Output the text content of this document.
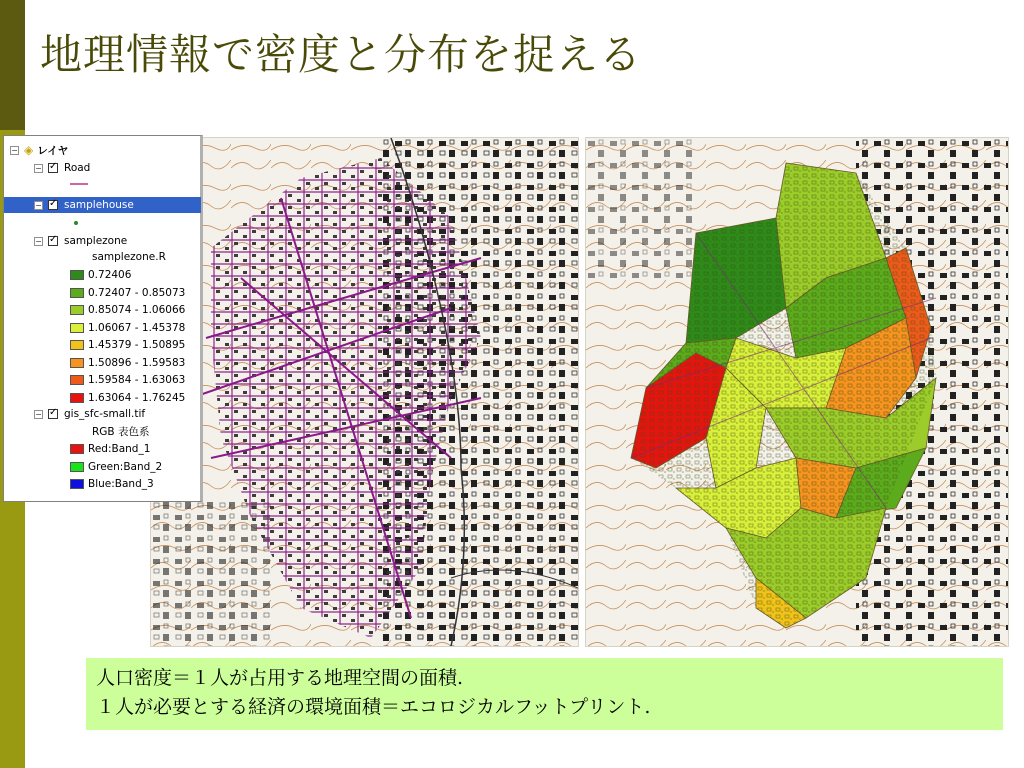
地理情報で密度と分布を捉える
− ◈ レイヤ
− ✓ Road
− ✓ samplehouse
− ✓ samplezone
samplezone.R
0.72406
0.72407 - 0.85073
0.85074 - 1.06066
1.06067 - 1.45378
1.45379 - 1.50895
1.50896 - 1.59583
1.59584 - 1.63063
1.63064 - 1.76245
− ✓ gis_sfc-small.tif
RGB 表色系
Red:Band_1
Green:Band_2
Blue:Band_3
人口密度＝１人が占用する地理空間の面積.
１人が必要とする経済の環境面積＝エコロジカルフットプリント.
